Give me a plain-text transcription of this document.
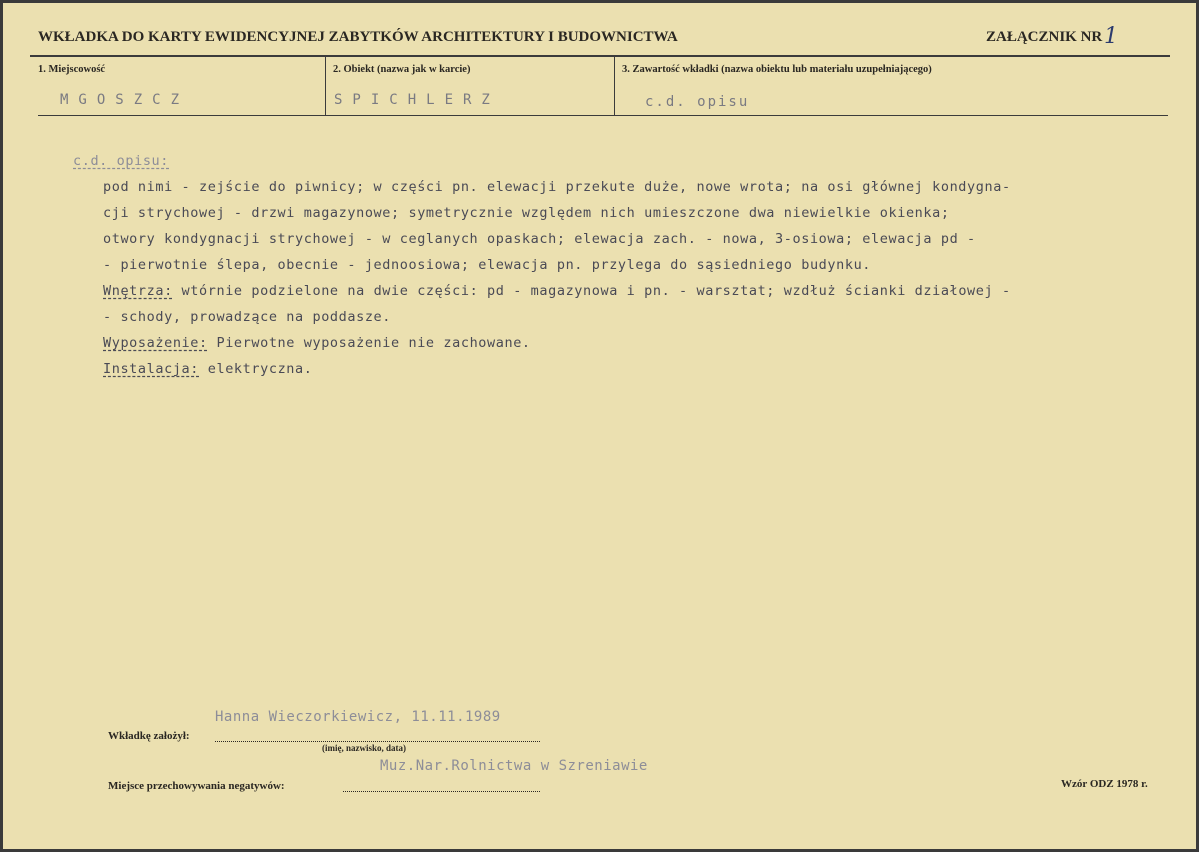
WKŁADKA DO KARTY EWIDENCYJNEJ ZABYTKÓW ARCHITEKTURY I BUDOWNICTWA	ZAŁĄCZNIK NR 1
1. Miejscowość
MGOSZCZ
2. Obiekt (nazwa jak w karcie)
SPICHLERZ
3. Zawartość wkładki (nazwa obiektu lub materiału uzupełniającego)
c.d. opisu
c.d. opisu:
pod nimi - zejście do piwnicy; w części pn. elewacji przekute duże, nowe wrota; na osi głównej kondygna-
cji strychowej - drzwi magazynowe; symetrycznie względem nich umieszczone dwa niewielkie okienka;
otwory kondygnacji strychowej - w ceglanych opaskach; elewacja zach. - nowa, 3-osiowa; elewacja pd -
- pierwotnie ślepa, obecnie - jednoosiowa; elewacja pn. przylega do sąsiedniego budynku.
Wnętrza: wtórnie podzielone na dwie części: pd - magazynowa i pn. - warsztat; wzdłuż ścianki działowej -
- schody, prowadzące na poddasze.
Wyposażenie: Pierwotne wyposażenie nie zachowane.
Instalacja: elektryczna.
Hanna Wieczorkiewicz, 11.11.1989
Wkładkę założył:
(imię, nazwisko, data)
Muz.Nar.Rolnictwa w Szreniawie
Miejsce przechowywania negatywów:	Wzór ODZ 1978 r.
